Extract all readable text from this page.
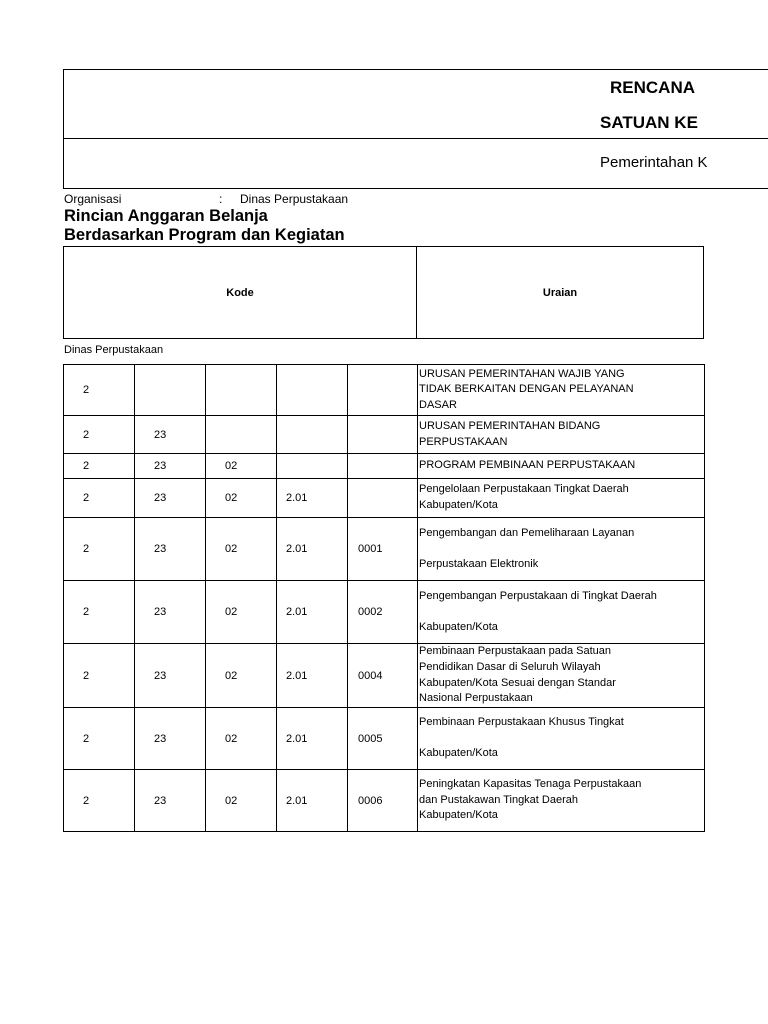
RENCANA
SATUAN KE
Pemerintahan K
Organisasi	: Dinas Perpustakaan
Rincian Anggaran Belanja
Berdasarkan Program dan Kegiatan
Kode	Uraian
Dinas Perpustakaan
2					URUSAN PEMERINTAHAN WAJIB YANG
TIDAK BERKAITAN DENGAN PELAYANAN
DASAR

2	23				URUSAN PEMERINTAHAN BIDANG
PERPUSTAKAAN

2	23	02			PROGRAM PEMBINAAN PERPUSTAKAAN

2	23	02	2.01		Pengelolaan Perpustakaan Tingkat Daerah
Kabupaten/Kota

2	23	02	2.01	0001	Pengembangan dan Pemeliharaan Layanan
Perpustakaan Elektronik

2	23	02	2.01	0002	Pengembangan Perpustakaan di Tingkat Daerah
Kabupaten/Kota

2	23	02	2.01	0004	Pembinaan Perpustakaan pada Satuan
Pendidikan Dasar di Seluruh Wilayah
Kabupaten/Kota Sesuai dengan Standar
Nasional Perpustakaan

2	23	02	2.01	0005	Pembinaan Perpustakaan Khusus Tingkat
Kabupaten/Kota

2	23	02	2.01	0006	Peningkatan Kapasitas Tenaga Perpustakaan
dan Pustakawan Tingkat Daerah
Kabupaten/Kota
